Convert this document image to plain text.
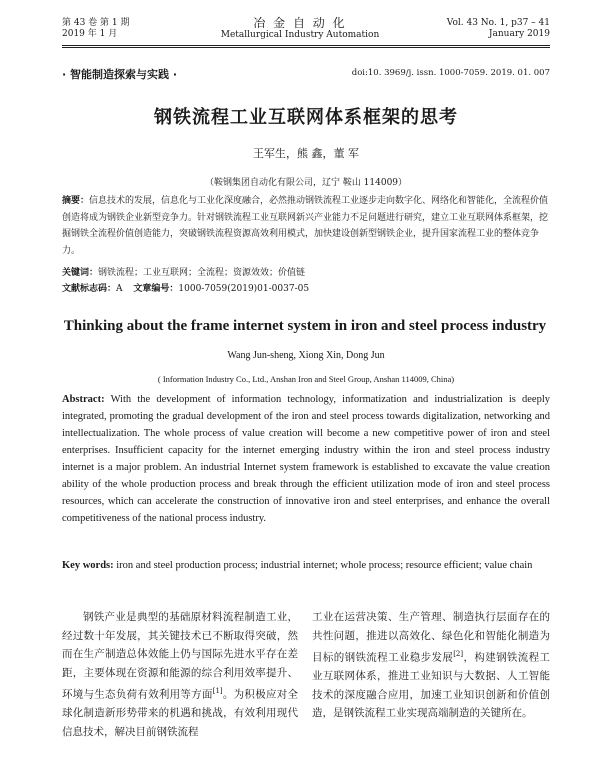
第 43 卷 第 1 期
2019 年 1 月
冶 金 自 动 化
Metallurgical Industry Automation
Vol. 43 No. 1, p37 – 41
January 2019
· 智能制造探索与实践 ·	doi:10. 3969/j. issn. 1000-7059. 2019. 01. 007
钢铁流程工业互联网体系框架的思考
王军生，熊 鑫，董 军
（鞍钢集团自动化有限公司，辽宁 鞍山 114009）
摘要：信息技术的发展，信息化与工业化深度融合，必然推动钢铁流程工业逐步走向数字化、网络化和智能化，全流程价值创造将成为钢铁企业新型竞争力。针对钢铁流程工业互联网新兴产业能力不足问题进行研究，建立工业互联网体系框架，挖掘钢铁全流程价值创造能力，突破钢铁流程资源高效利用模式，加快建设创新型钢铁企业，提升国家流程工业的整体竞争力。
关键词：钢铁流程；工业互联网；全流程；资源效效；价值链
文献标志码：A 文章编号：1000-7059(2019)01-0037-05
Thinking about the frame internet system in iron and steel process industry
Wang Jun-sheng, Xiong Xin, Dong Jun
( Information Industry Co., Ltd., Anshan Iron and Steel Group, Anshan 114009, China)
Abstract: With the development of information technology, informatization and industrialization is deeply integrated, promoting the gradual development of the iron and steel process towards digitalization, networking and intellectualization. The whole process of value creation will become a new competitive power of iron and steel enterprises. Insufficient capacity for the internet emerging industry within the iron and steel process industry internet is a major problem. An industrial Internet system framework is established to excavate the value creation ability of the whole production process and break through the efficient utilization mode of iron and steel process resources, which can accelerate the construction of innovative iron and steel enterprises, and enhance the overall competitiveness of the national process industry.
Key words: iron and steel production process; industrial internet; whole process; resource efficient; value chain
钢铁产业是典型的基础原材料流程制造工业，经过数十年发展，其关键技术已不断取得突破，然而在生产制造总体效能上仍与国际先进水平存在差距，主要体现在资源和能源的综合利用效率提升、环境与生态负荷有效利用等方面[1]。为积极应对全球化制造新形势带来的机遇和挑战，有效利用现代信息技术，解决目前钢铁流程
工业在运营决策、生产管理、制造执行层面存在的共性问题，推进以高效化、绿色化和智能化制造为目标的钢铁流程工业稳步发展[2]，构建钢铁流程工业互联网体系，推进工业知识与大数据、人工智能技术的深度融合应用，加速工业知识创新和价值创造，是钢铁流程工业实现高端制造的关键所在。
